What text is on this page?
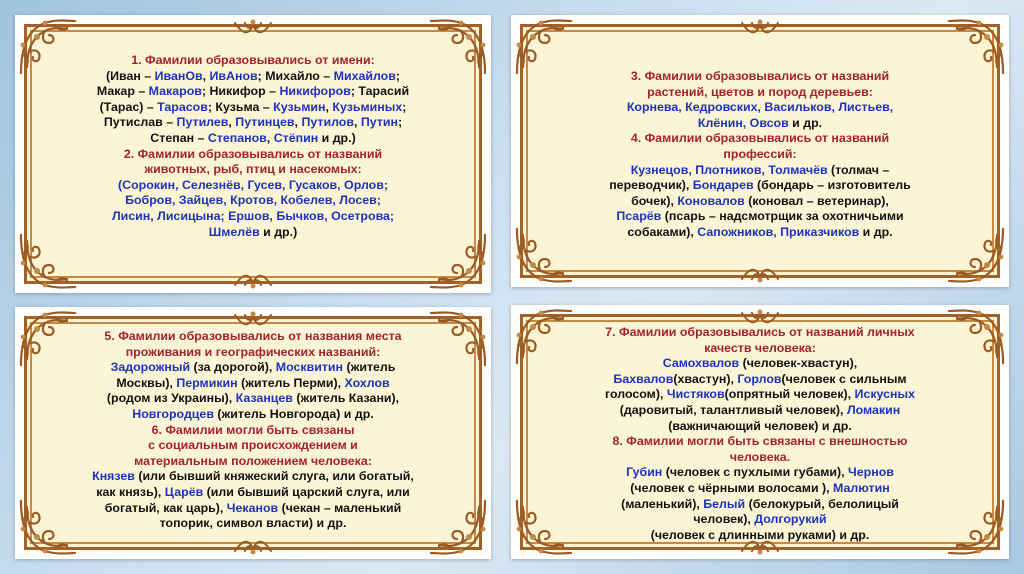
1. Фамилии образовывались от имени:

(Иван – ИванОв, ИвАнов; Михайло – Михайлов;

Макар – Макаров; Никифор – Никифоров; Тарасий

(Тарас) – Тарасов; Кузьма – Кузьмин, Кузьминых;

Путислав – Путилев, Путинцев, Путилов, Путин;

Степан – Степанов, Стёпин и др.)

2. Фамилии образовывались от названий

животных, рыб, птиц и насекомых:

(Сорокин, Селезнёв, Гусев, Гусаков, Орлов;

Бобров, Зайцев, Кротов, Кобелев, Лосев;

Лисин, Лисицына; Ершов, Бычков, Осетрова;

Шмелёв и др.)

3. Фамилии образовывались от названий

растений, цветов и пород деревьев:

Корнева, Кедровских, Васильков, Листьев,

Клёнин, Овсов и др.

4. Фамилии образовывались от названий

профессий:

Кузнецов, Плотников, Толмачёв (толмач –

переводчик), Бондарев (бондарь – изготовитель

бочек), Коновалов (коновал – ветеринар),

Псарёв (псарь – надсмотрщик за охотничьими

собаками), Сапожников, Приказчиков и др.

5. Фамилии образовывались от названия места

проживания и географических названий:

Задорожный (за дорогой), Москвитин (житель

Москвы), Пермикин (житель Перми), Хохлов

(родом из Украины), Казанцев (житель Казани),

Новгородцев (житель Новгорода) и др.

6. Фамилии могли быть связаны

с социальным происхождением и

материальным положением человека:

Князев (или бывший княжеский слуга, или богатый,

как князь), Царёв (или бывший царский слуга, или

богатый, как царь), Чеканов (чекан – маленький

топорик, символ власти) и др.

7. Фамилии образовывались от названий личных

качеств человека:

Самохвалов (человек-хвастун),

Бахвалов(хвастун), Горлов(человек с сильным

голосом), Чистяков(опрятный человек), Искусных

(даровитый, талантливый человек), Ломакин

(важничающий человек) и др.

8. Фамилии могли быть связаны с внешностью

человека.

Губин (человек с пухлыми губами), Чернов

(человек с чёрными волосами ), Малютин

(маленький), Белый (белокурый, белолицый

человек), Долгорукий

(человек с длинными руками) и др.
